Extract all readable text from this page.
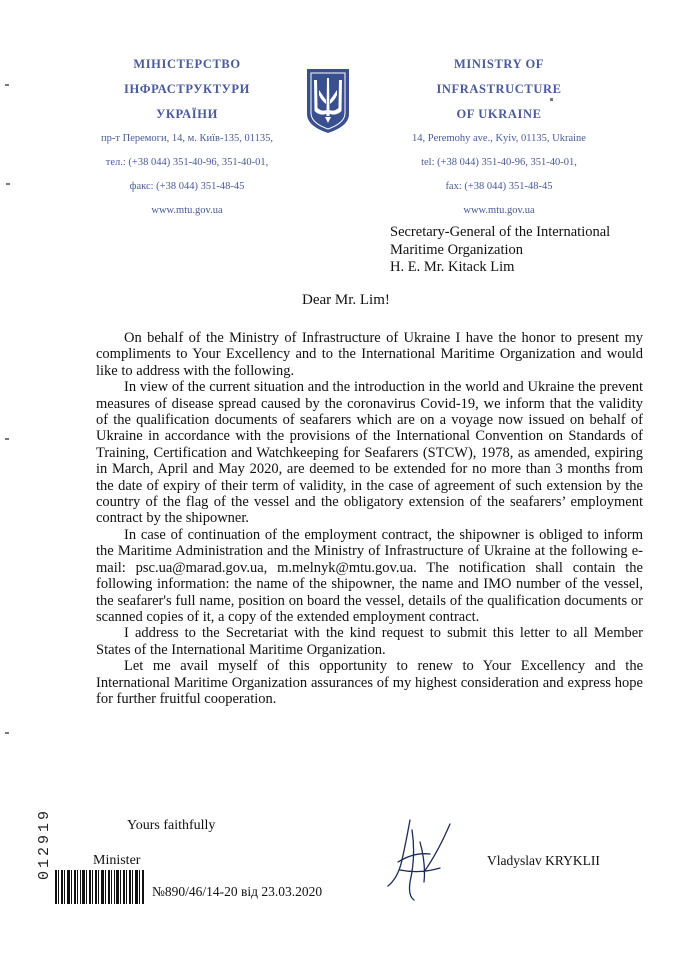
МІНІСТЕРСТВО
ІНФРАСТРУКТУРИ
УКРАЇНИ
пр-т Перемоги, 14, м. Київ-135, 01135,
тел.: (+38 044) 351-40-96, 351-40-01,
факс: (+38 044) 351-48-45
www.mtu.gov.ua
MINISTRY OF
INFRASTRUCTURE
OF UKRAINE
14, Peremohy ave., Kyiv, 01135, Ukraine
tel: (+38 044) 351-40-96, 351-40-01,
fax: (+38 044) 351-48-45
www.mtu.gov.ua
Secretary-General of the International
Maritime Organization
H. E. Mr. Kitack Lim
Dear Mr. Lim!

On behalf of the Ministry of Infrastructure of Ukraine I have the honor to present my compliments to Your Excellency and to the International Maritime Organization and would like to address with the following.

In view of the current situation and the introduction in the world and Ukraine the prevent measures of disease spread caused by the coronavirus Covid-19, we inform that the validity of the qualification documents of seafarers which are on a voyage now issued on behalf of Ukraine in accordance with the provisions of the International Convention on Standards of Training, Certification and Watchkeeping for Seafarers (STCW), 1978, as amended, expiring in March, April and May 2020, are deemed to be extended for no more than 3 months from the date of expiry of their term of validity, in the case of agreement of such extension by the country of the flag of the vessel and the obligatory extension of the seafarers’ employment contract by the shipowner.

In case of continuation of the employment contract, the shipowner is obliged to inform the Maritime Administration and the Ministry of Infrastructure of Ukraine at the following e-mail: psc.ua@marad.gov.ua, m.melnyk@mtu.gov.ua. The notification shall contain the following information: the name of the shipowner, the name and IMO number of the vessel, the seafarer's full name, position on board the vessel, details of the qualification documents or scanned copies of it, a copy of the extended employment contract.

I address to the Secretariat with the kind request to submit this letter to all Member States of the International Maritime Organization.

Let me avail myself of this opportunity to renew to Your Excellency and the International Maritime Organization assurances of my highest consideration and express hope for further fruitful cooperation.

Yours faithfully
Minister	Vladyslav KRYKLII
№890/46/14-20 від 23.03.2020
012919
